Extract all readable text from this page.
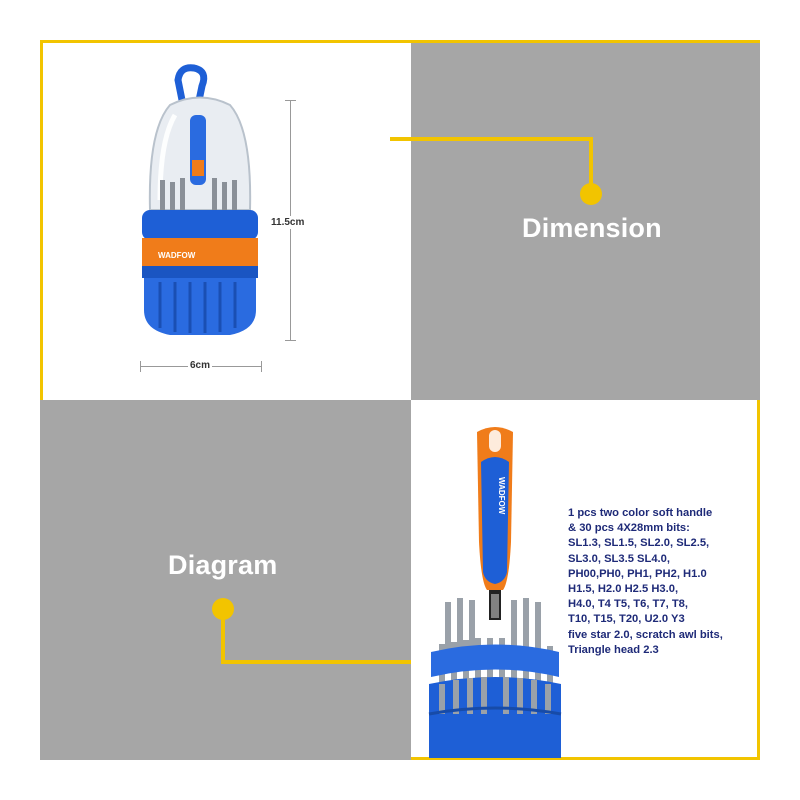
Dimension
Diagram
WADFOW
11.5cm
6cm
WADFOW	1 pcs two color soft handle
& 30 pcs 4X28mm bits:
SL1.3, SL1.5, SL2.0, SL2.5,
SL3.0, SL3.5 SL4.0,
PH00,PH0, PH1, PH2, H1.0
H1.5, H2.0 H2.5 H3.0,
H4.0, T4 T5, T6, T7, T8,
T10, T15, T20, U2.0 Y3
five star 2.0, scratch awl bits,
Triangle head 2.3
